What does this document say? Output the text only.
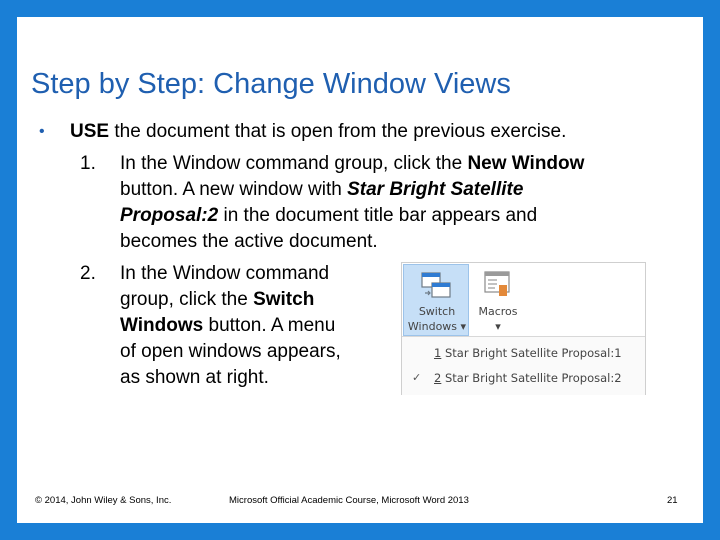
Step by Step: Change Window Views
• USE the document that is open from the previous exercise.
1. In the Window command group, click the New Window
button. A new window with Star Bright Satellite
Proposal:2 in the document title bar appears and
becomes the active document.
2. In the Window command
group, click the Switch
Windows button. A menu
of open windows appears,
as shown at right.
Switch
Windows ▾
Macros
▾
1 Star Bright Satellite Proposal:1
✓ 2 Star Bright Satellite Proposal:2
© 2014, John Wiley & Sons, Inc.	Microsoft Official Academic Course, Microsoft Word 2013	21
